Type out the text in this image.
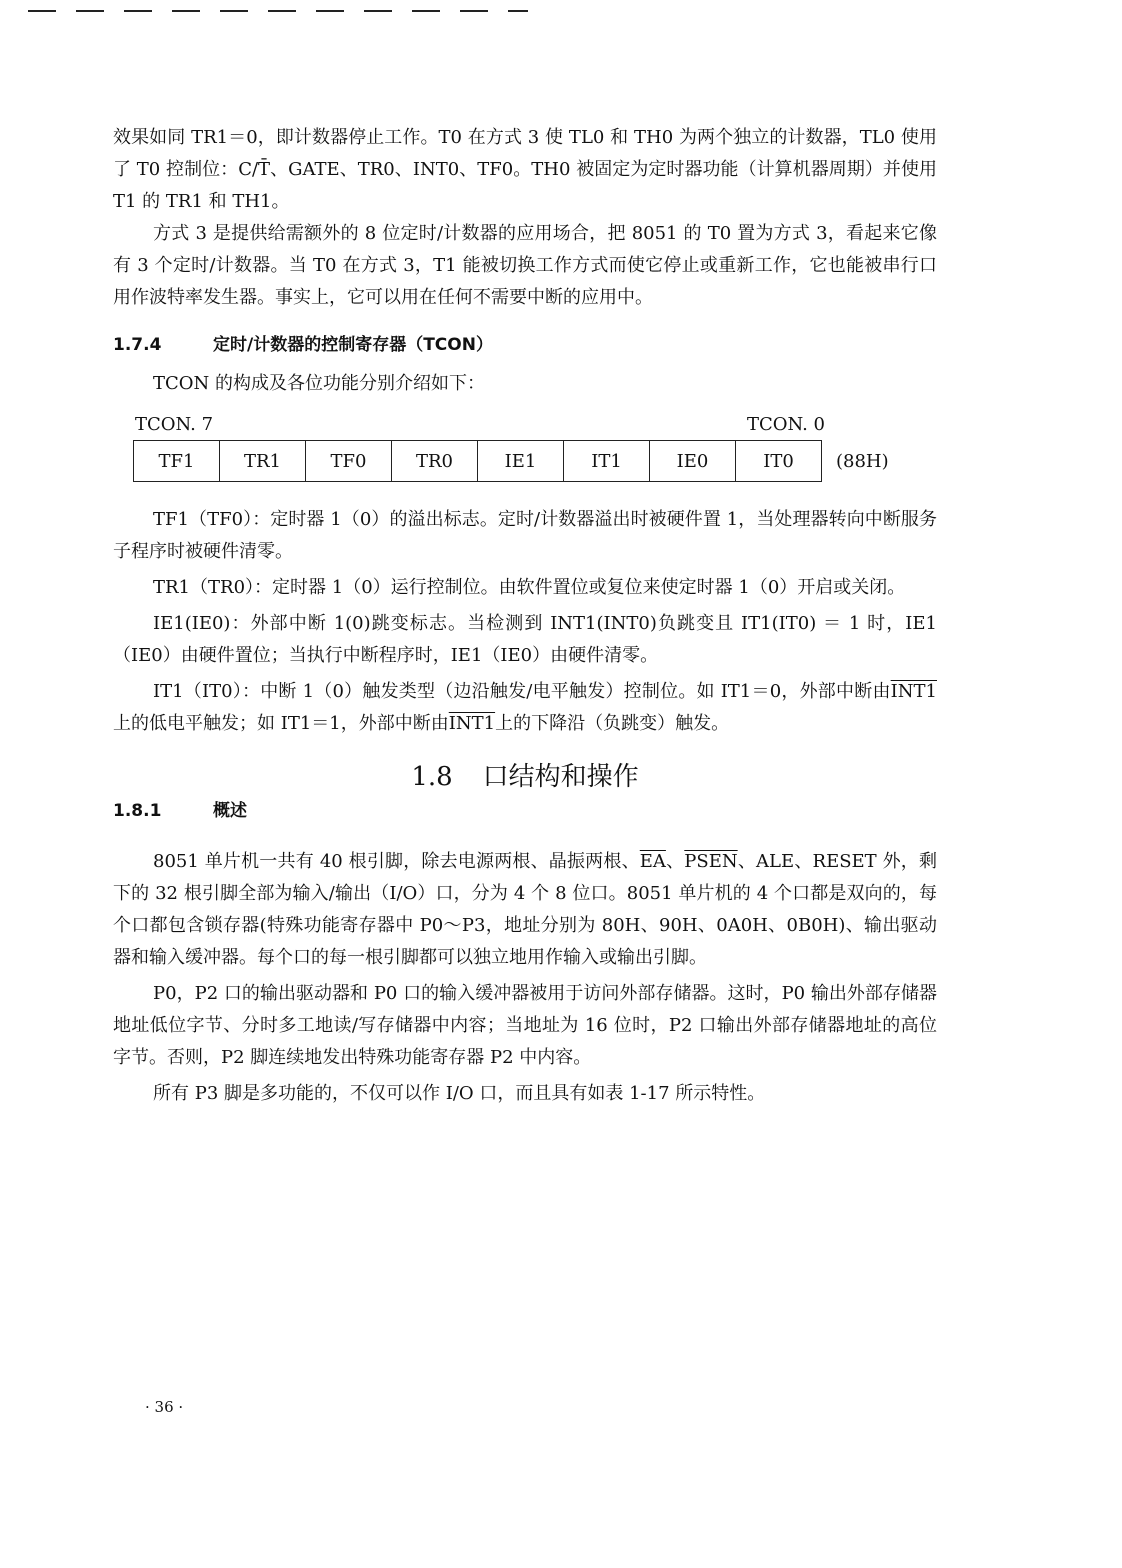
效果如同 TR1＝0，即计数器停止工作。T0 在方式 3 使 TL0 和 TH0 为两个独立的计数器，TL0 使用了 T0 控制位：C/T̄、GATE、TR0、INT0、TF0。TH0 被固定为定时器功能（计算机器周期）并使用 T1 的 TR1 和 TH1。

方式 3 是提供给需额外的 8 位定时/计数器的应用场合，把 8051 的 T0 置为方式 3，看起来它像有 3 个定时/计数器。当 T0 在方式 3，T1 能被切换工作方式而使它停止或重新工作，它也能被串行口用作波特率发生器。事实上，它可以用在任何不需要中断的应用中。

1.7.4	定时/计数器的控制寄存器（TCON）

TCON 的构成及各位功能分别介绍如下：

TCON. 7	TCON. 0
TF1	TR1	TF0	TR0	IE1	IT1	IE0	IT0 (88H)

TF1（TF0）：定时器 1（0）的溢出标志。定时/计数器溢出时被硬件置 1，当处理器转向中断服务子程序时被硬件清零。

TR1（TR0）：定时器 1（0）运行控制位。由软件置位或复位来使定时器 1（0）开启或关闭。

IE1(IE0)：外部中断 1(0)跳变标志。当检测到 INT1(INT0)负跳变且 IT1(IT0) ＝ 1 时，IE1（IE0）由硬件置位；当执行中断程序时，IE1（IE0）由硬件清零。

IT1（IT0）：中断 1（0）触发类型（边沿触发/电平触发）控制位。如 IT1＝0，外部中断由INT1上的低电平触发；如 IT1＝1，外部中断由INT1上的下降沿（负跳变）触发。

1.8 口结构和操作
1.8.1	概述

8051 单片机一共有 40 根引脚，除去电源两根、晶振两根、$\overline{EA}$、PSEN、ALE、RESET 外，剩下的 32 根引脚全部为输入/输出（I/O）口，分为 4 个 8 位口。8051 单片机的 4 个口都是双向的，每个口都包含锁存器(特殊功能寄存器中 P0～P3，地址分别为 80H、90H、0A0H、0B0H)、输出驱动器和输入缓冲器。每个口的每一根引脚都可以独立地用作输入或输出引脚。

P0，P2 口的输出驱动器和 P0 口的输入缓冲器被用于访问外部存储器。这时，P0 输出外部存储器地址低位字节、分时多工地读/写存储器中内容；当地址为 16 位时，P2 口输出外部存储器地址的高位字节。否则，P2 脚连续地发出特殊功能寄存器 P2 中内容。

所有 P3 脚是多功能的，不仅可以作 I/O 口，而且具有如表 1-17 所示特性。

· 36 ·
